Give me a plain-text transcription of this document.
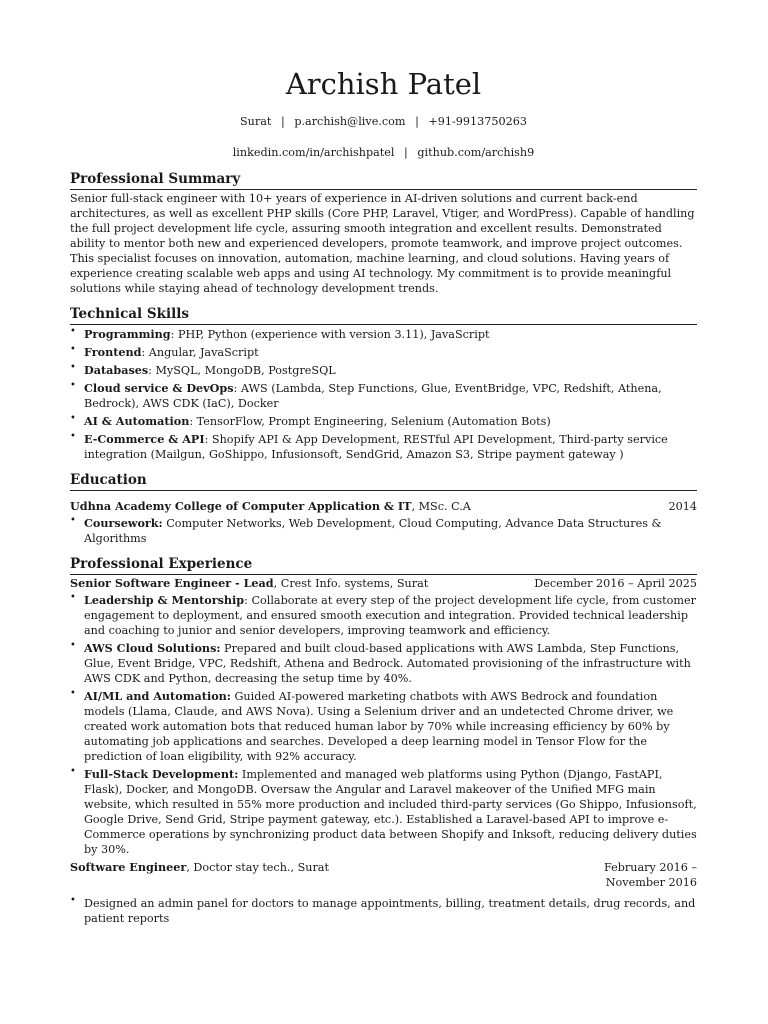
Archish Patel
Surat | p.archish@live.com | +91-9913750263
linkedin.com/in/archishpatel | github.com/archish9
Professional Summary
Senior full-stack engineer with 10+ years of experience in AI-driven solutions and current back-end architectures, as well as excellent PHP skills (Core PHP, Laravel, Vtiger, and WordPress). Capable of handling the full project development life cycle, assuring smooth integration and excellent results. Demonstrated ability to mentor both new and experienced developers, promote teamwork, and improve project outcomes. This specialist focuses on innovation, automation, machine learning, and cloud solutions. Having years of experience creating scalable web apps and using AI technology. My commitment is to provide meaningful solutions while staying ahead of technology development trends.
Technical Skills
• Programming: PHP, Python (experience with version 3.11), JavaScript
• Frontend: Angular, JavaScript
• Databases: MySQL, MongoDB, PostgreSQL
• Cloud service & DevOps: AWS (Lambda, Step Functions, Glue, EventBridge, VPC, Redshift, Athena, Bedrock), AWS CDK (IaC), Docker
• AI & Automation: TensorFlow, Prompt Engineering, Selenium (Automation Bots)
• E-Commerce & API: Shopify API & App Development, RESTful API Development, Third-party service integration (Mailgun, GoShippo, Infusionsoft, SendGrid, Amazon S3, Stripe payment gateway )
Education
Udhna Academy College of Computer Application & IT, MSc. C.A	2014
• Coursework: Computer Networks, Web Development, Cloud Computing, Advance Data Structures & Algorithms
Professional Experience
Senior Software Engineer - Lead, Crest Info. systems, Surat	December 2016 – April 2025
• Leadership & Mentorship: Collaborate at every step of the project development life cycle, from customer engagement to deployment, and ensured smooth execution and integration. Provided technical leadership and coaching to junior and senior developers, improving teamwork and efficiency.
• AWS Cloud Solutions: Prepared and built cloud-based applications with AWS Lambda, Step Functions, Glue, Event Bridge, VPC, Redshift, Athena and Bedrock. Automated provisioning of the infrastructure with AWS CDK and Python, decreasing the setup time by 40%.
• AI/ML and Automation: Guided AI-powered marketing chatbots with AWS Bedrock and foundation models (Llama, Claude, and AWS Nova). Using a Selenium driver and an undetected Chrome driver, we created work automation bots that reduced human labor by 70% while increasing efficiency by 60% by automating job applications and searches. Developed a deep learning model in Tensor Flow for the prediction of loan eligibility, with 92% accuracy.
• Full-Stack Development: Implemented and managed web platforms using Python (Django, FastAPI, Flask), Docker, and MongoDB. Oversaw the Angular and Laravel makeover of the Unified MFG main website, which resulted in 55% more production and included third-party services (Go Shippo, Infusionsoft, Google Drive, Send Grid, Stripe payment gateway, etc.). Established a Laravel-based API to improve e-Commerce operations by synchronizing product data between Shopify and Inksoft, reducing delivery duties by 30%.
Software Engineer, Doctor stay tech., Surat	February 2016 – November 2016
• Designed an admin panel for doctors to manage appointments, billing, treatment details, drug records, and patient reports
